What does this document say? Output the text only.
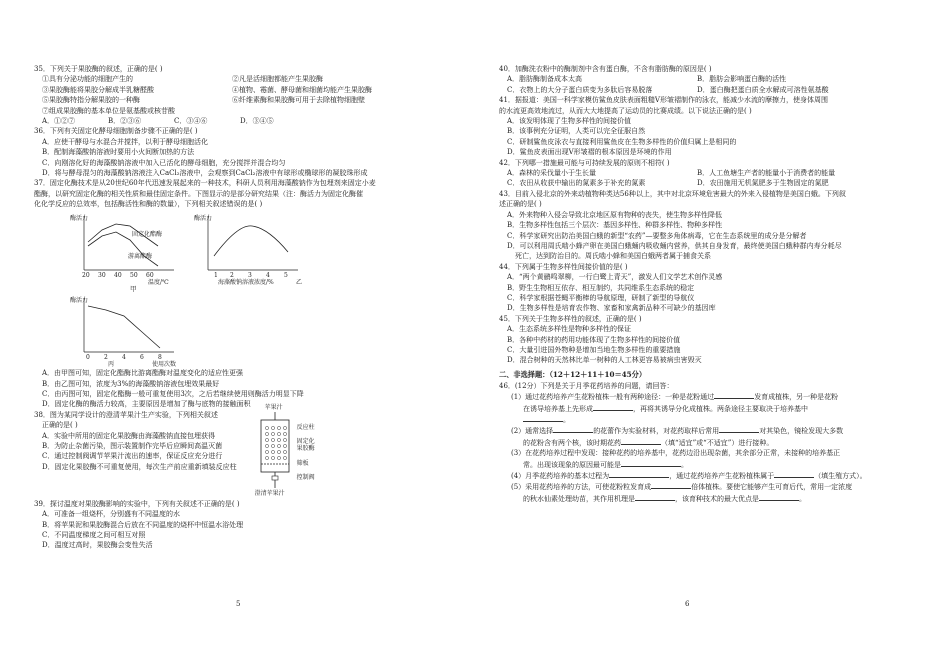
35．下列关于果胶酶的叙述，正确的是( )
①具有分泌功能的细胞产生的	②凡是活细胞都能产生果胶酶
③果胶酶能将果胶分解成半乳糖醛酸	④植物、霉菌、酵母菌和细菌均能产生果胶酶
⑤果胶酶特指分解果胶的一种酶	⑥纤维素酶和果胶酶可用于去除植物细胞壁
⑦组成果胶酶的基本单位是氨基酸或核苷酸
A．①②⑦	B．②③⑥	C．③④⑥	D．③④⑤
36．下列有关固定化酵母细胞制备步骤不正确的是( )
A．应使干酵母与水混合并搅拌，以利于酵母细胞活化
B．配制海藻酸钠溶液时要用小火间断加热的方法
C．向刚溶化好的海藻酸钠溶液中加入已活化的酵母细胞，充分搅拌并混合均匀
D．将与酵母混匀的海藻酸钠溶液注入CaCl₂溶液中，会观察到CaCl₂溶液中有球形或椭球形的凝胶珠形成
37．固定化酶技术是从20世纪60年代迅速发展起来的一种技术，科研人员利用海藻酸钠作为包埋剂来固定小麦
酯酶，以研究固定化酶的相关性质和最佳固定条件。下图显示的是部分研究结果（注：酶活力为固定化酶催
化化学反应的总效率，包括酶活性和酶的数量），下列相关叙述错误的是( )
酶活力
固定化酯酶
游离酯酶
20 30 40 50 60
温度/℃
酶活力
1 2 3 4 5
海藻酸钠溶液浓度/%	乙
甲
酶活力
0 2 4 6 8
使用次数
丙
A．由甲图可知，固定化酯酶比游离酯酶对温度变化的适应性更强
B．由乙图可知，浓度为3%的海藻酸钠溶液包埋效果最好
C．由丙图可知，固定化酯酶一般可重复使用3次，之后若继续使用则酶活力明显下降
D．固定化酶的酶活力较高，主要原因是增加了酶与底物的接触面积
38．图为某同学设计的澄清苹果汁生产实验，下列相关叙述
正确的是( )
A．实验中所用的固定化果胶酶由海藻酸钠直接包埋获得
B．为防止杂菌污染，图示装置制作完毕后应瞬间高温灭菌
C．通过控制阀调节苹果汁流出的速率，保证反应充分进行
D．固定化果胶酶不可重复使用，每次生产前应重新填装反应柱
苹果汁
反应柱
固定化
果胶酶
筛板
控制阀
澄清苹果汁
39．探讨温度对果胶酶影响的实验中，下列有关叙述不正确的是( )
A．可准备一组烧杯，分别盛有不同温度的水
B．将苹果泥和果胶酶混合后放在不同温度的烧杯中恒温水浴处理
C．不同温度梯度之间可相互对照
D．温度过高时，果胶酶会变性失活
5
40．加酶洗衣粉中的酶制剂中含有蛋白酶，不含有脂肪酶的原因是( )
A．脂肪酶制备成本太高	B．脂肪会影响蛋白酶的活性
C．衣物上的大分子蛋白质变为多肽后容易脱落	D．蛋白酶把蛋白质全水解成可溶性氨基酸
41．据报道：美国一科学家模仿鲨鱼皮肤表面粗糙V形皱褶制作的泳衣，能减少水流的摩擦力，使身体周围
的水流更高效地流过，从而大大地提高了运动员的比赛成绩。以下说法正确的是( )
A．该发明体现了生物多样性的间接价值
B．该事例充分证明，人类可以完全征服自然
C．研制鲨鱼皮泳衣与直接利用鲨鱼皮在生物多样性的价值归属上是相同的
D．鲨鱼皮表面出现V形皱褶的根本原因是环境的作用
42．下列哪一措施最可能与可持续发展的原则不相符( )
A．森林的采伐量小于生长量	B．人工鱼塘生产者的能量小于消费者的能量
C．农田从收获中输出的氮素多于补充的氮素	D．农田施用无机氮肥多于生物固定的氮肥
43．目前入侵北京的外来动植物种类达56种以上，其中对北京环境危害最大的外来入侵植物是美国白蛾。下列叙
述正确的是( )
A．外来物种入侵会导致北京地区原有物种的丧失，使生物多样性降低
B．生物多样性包括三个层次：基因多样性、种群多样性、物种多样性
C．科学家研究出防治美国白蛾的新型“农药”—要整多角体病毒，它在生态系统里的成分是分解者
D．可以利用周氏啮小蜂产卵在美国白蛾蛹内吸收蛹内营养，供其自身发育，最终使美国白蛾种群内寿分耗尽
死亡，达到防治目的。周氏啮小蜂和美国白蛾两者属于捕食关系
44．下列属于生物多样性间接价值的是( )
A．“两个黄鹂鸣翠柳，一行白鹭上青天”，激发人们文学艺术创作灵感
B．野生生物相互依存、相互制约，共同维系生态系统的稳定
C．科学家根据苍蝇平衡棒的导航原理，研制了新型的导航仪
D．生物多样性是培育农作物、家畜和家禽新品种不可缺少的基因库
45．下列关于生物多样性的叙述，正确的是( )
A．生态系统多样性是物种多样性的保证
B．各种中药材的药用功能体现了生物多样性的间接价值
C．大量引进国外物种是增加当地生物多样性的重要措施
D．混合树种的天然林比单一树种的人工林更容易被病虫害毁灭
二、非选择题：（12＋12＋11＋10＝45分）
46．(12分）下列是关于月季花药培养的问题，请回答：
(1）通过花药培养产生花粉植株一般有两种途径：一种是花粉通过	发育成植株，另一种是花粉
在诱导培养基上先形成	，再将其诱导分化成植株。两条途径主要取决于培养基中
。
(2）通常选择	的花蕾作为实验材料，对花药取样后常用	对其染色，镜检发现大多数
的花粉含有两个核，该时期花药	（填“适宜”或“不适宜”）进行接种。
(3）在花药培养过程中发现：接种花药的培养基中，花药边沿出现杂菌，其余部分正常，未接种的培养基正
常。出现该现象的原因最可能是	。
(4）月季花药培养的基本过程为	，通过花药培养产生花粉植株属于	（填生殖方式）。
(5）采用花药培养的方法，可使花粉粒发育成	倍体植株。要使它能够产生可育后代，常用一定浓度
的秋水仙素处理幼苗，其作用机理是	，该育种技术的最大优点是	。
6
